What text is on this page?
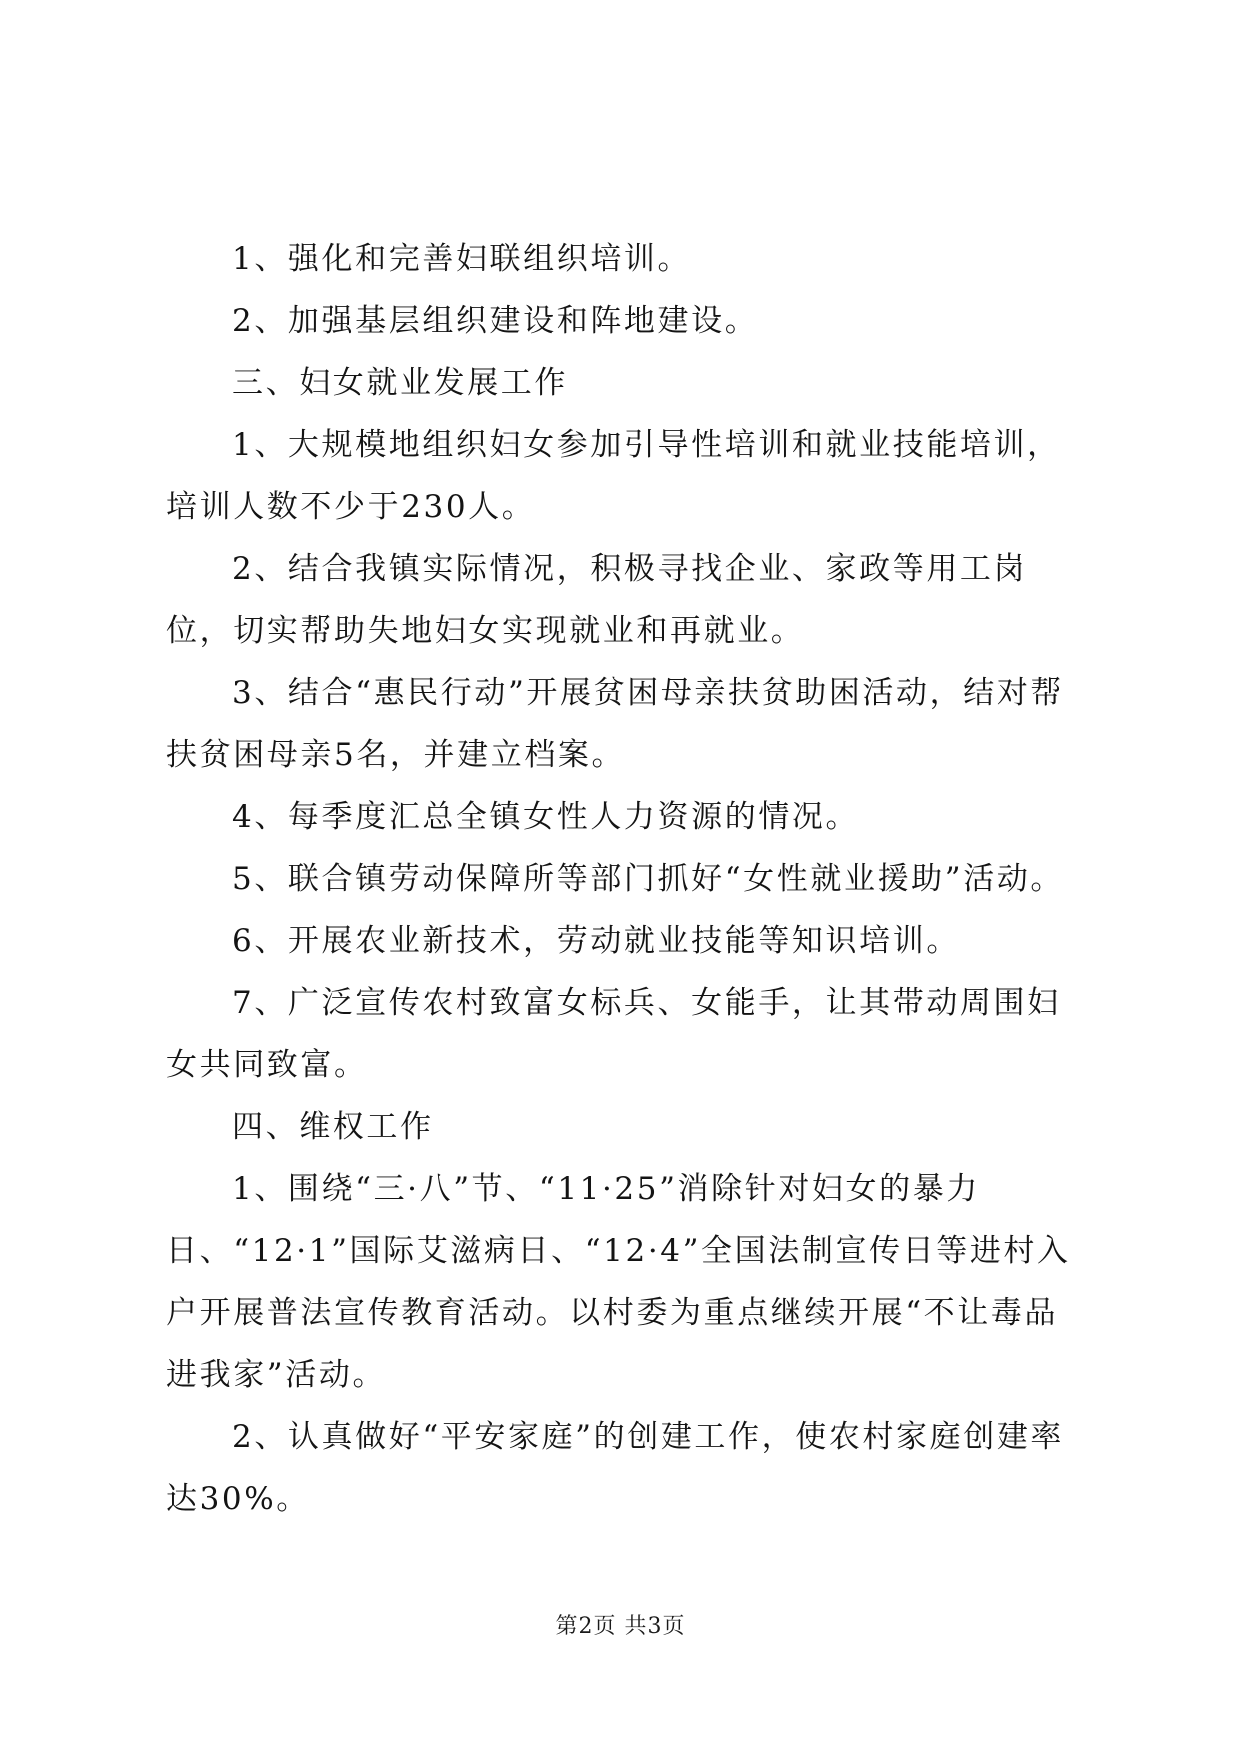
1、强化和完善妇联组织培训。

2、加强基层组织建设和阵地建设。

三、妇女就业发展工作

1、大规模地组织妇女参加引导性培训和就业技能培训，培训人数不少于230人。

2、结合我镇实际情况，积极寻找企业、家政等用工岗位，切实帮助失地妇女实现就业和再就业。

3、结合“惠民行动”开展贫困母亲扶贫助困活动，结对帮扶贫困母亲5名，并建立档案。

4、每季度汇总全镇女性人力资源的情况。

5、联合镇劳动保障所等部门抓好“女性就业援助”活动。

6、开展农业新技术，劳动就业技能等知识培训。

7、广泛宣传农村致富女标兵、女能手，让其带动周围妇女共同致富。

四、维权工作

1、围绕“三·八”节、“11·25”消除针对妇女的暴力日、“12·1”国际艾滋病日、“12·4”全国法制宣传日等进村入户开展普法宣传教育活动。以村委为重点继续开展“不让毒品进我家”活动。

2、认真做好“平安家庭”的创建工作，使农村家庭创建率达30%。

第2页 共3页
